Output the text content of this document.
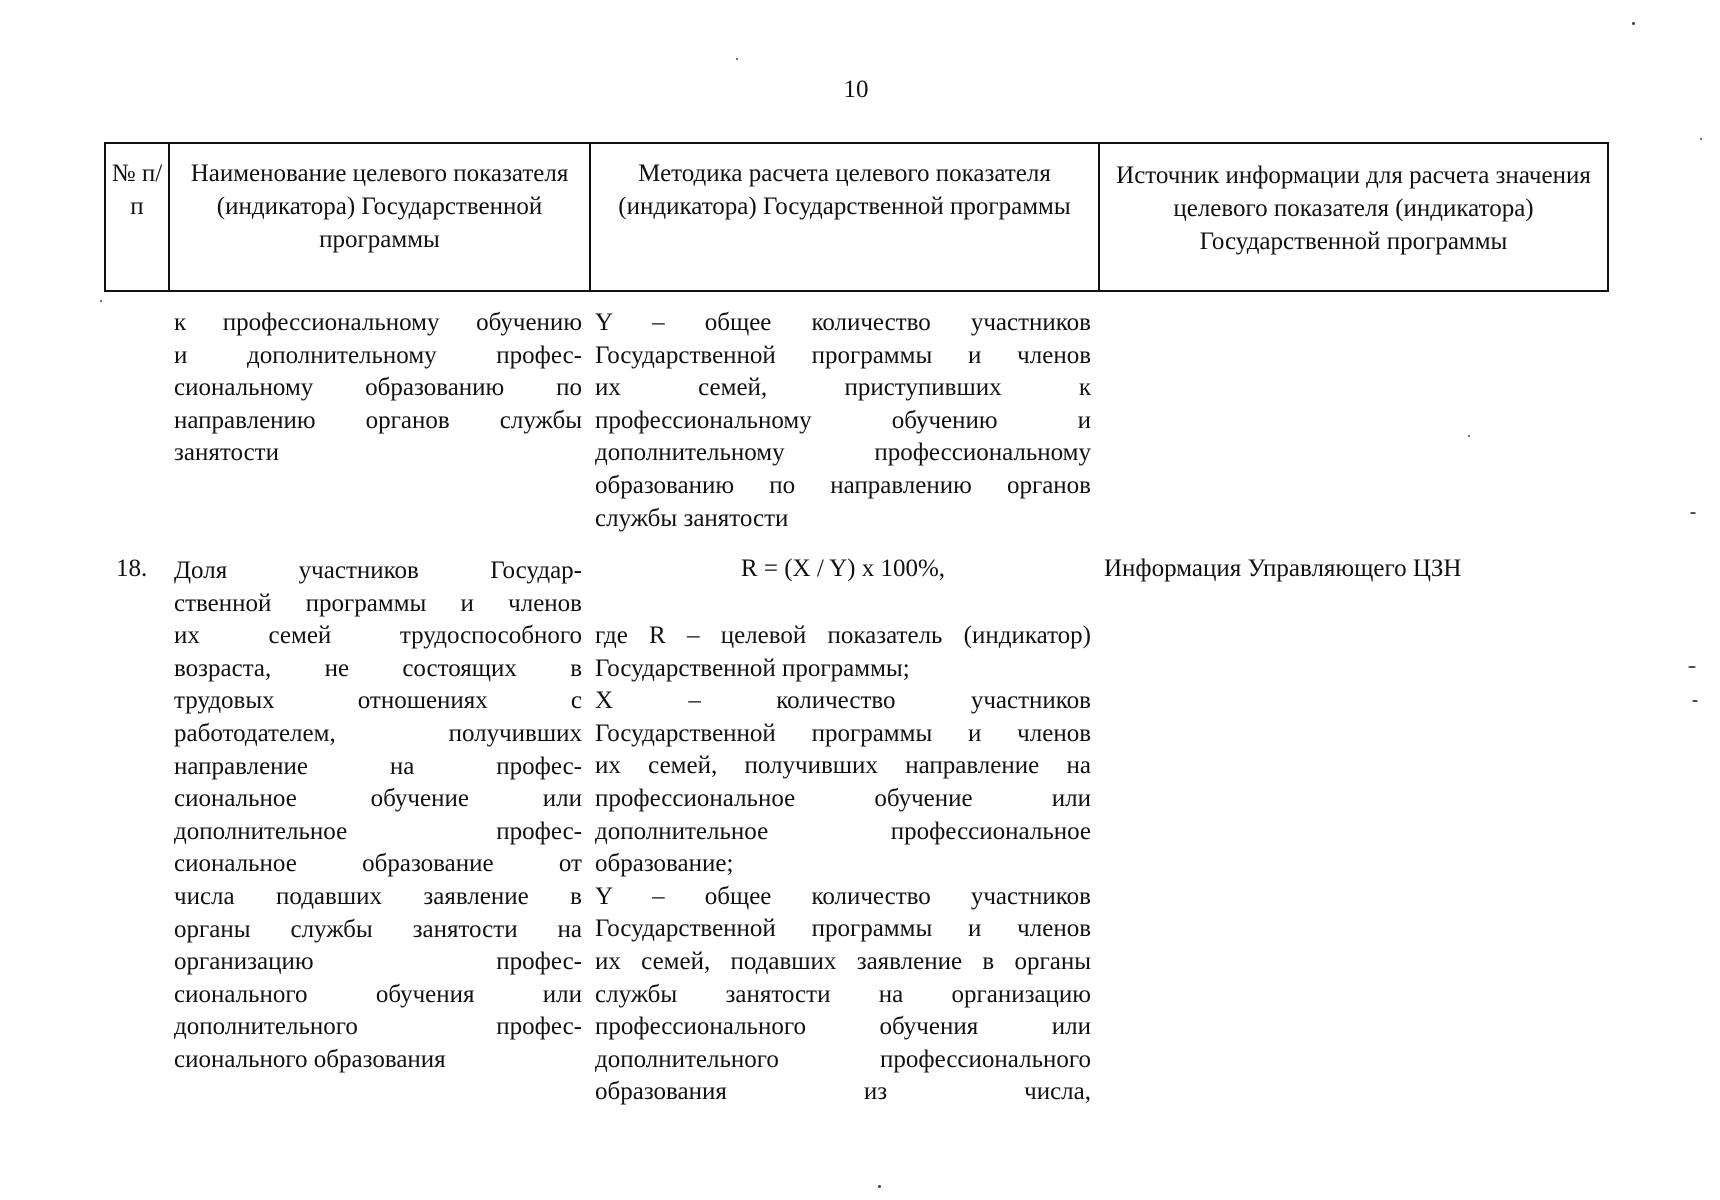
10
№ п/п
Наименование целевого показателя (индикатора) Государственной программы
Методика расчета целевого показателя (индикатора) Государственной программы
Источник информации для расчета значения целевого показателя (индикатора) Государственной программы
к профессиональному обучению
и дополнительному профес-
сиональному образованию по
направлению органов службы
занятости
Y – общее количество участников
Государственной программы и членов
их семей, приступивших к
профессиональному обучению и
дополнительному профессиональному
образованию по направлению органов
службы занятости
18. Доля участников Государ-
ственной программы и членов
их семей трудоспособного
возраста, не состоящих в
трудовых отношениях с
работодателем, получивших
направление на профес-
сиональное обучение или
дополнительное профес-
сиональное образование от
числа подавших заявление в
органы службы занятости на
организацию профес-
сионального обучения или
дополнительного профес-
сионального образования
R = (X / Y) x 100%,
где R – целевой показатель (индикатор)
Государственной программы;
X – количество участников
Государственной программы и членов
их семей, получивших направление на
профессиональное обучение или
дополнительное профессиональное
образование;
Y – общее количество участников
Государственной программы и членов
их семей, подавших заявление в органы
службы занятости на организацию
профессионального обучения или
дополнительного профессионального
образования из числа,
Информация Управляющего ЦЗН
